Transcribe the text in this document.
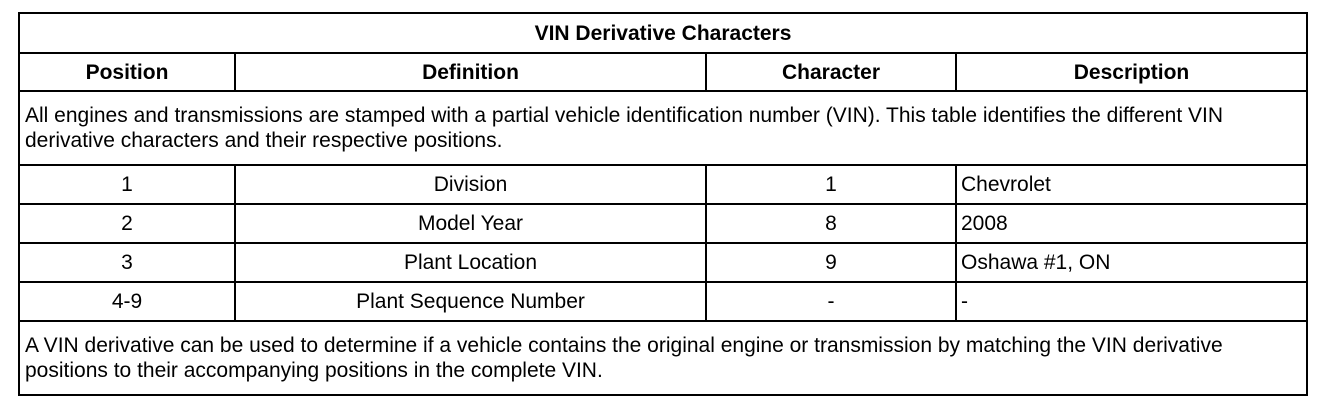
VIN Derivative Characters			
Position	Definition	Character	Description
All engines and transmissions are stamped with a partial vehicle identification number (VIN). This table identifies the different VIN derivative characters and their respective positions.			
1	Division	1	Chevrolet
2	Model Year	8	2008
3	Plant Location	9	Oshawa #1, ON
4-9	Plant Sequence Number	-	-
A VIN derivative can be used to determine if a vehicle contains the original engine or transmission by matching the VIN derivative positions to their accompanying positions in the complete VIN.			
